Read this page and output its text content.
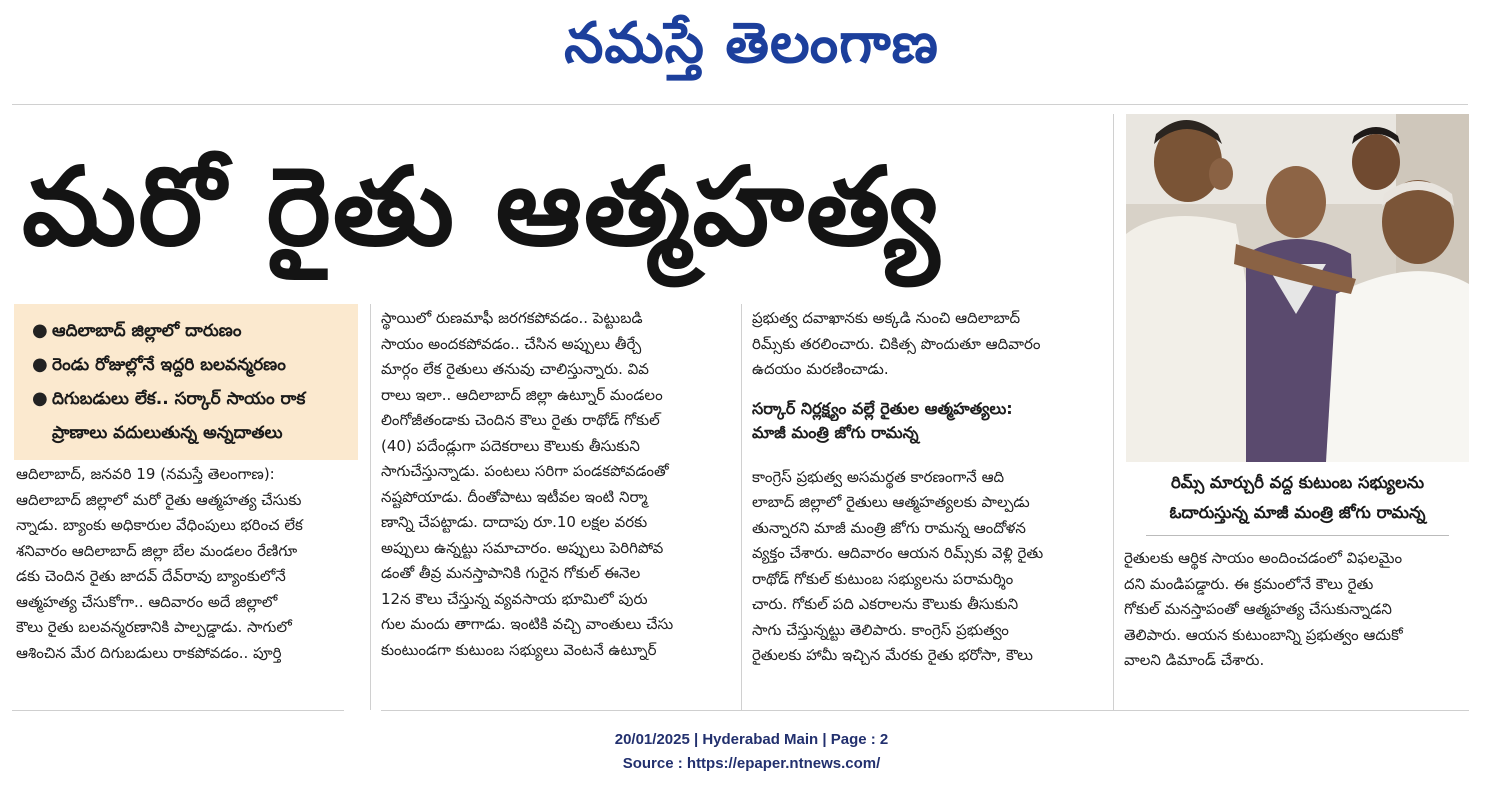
నమస్తే తెలంగాణ
మరో రైతు ఆత్మహత్య
● ఆదిలాబాద్ జిల్లాలో దారుణం
● రెండు రోజుల్లోనే ఇద్దరి బలవన్మరణం
● దిగుబడులు లేక.. సర్కార్ సాయం రాక
ప్రాణాలు వదులుతున్న అన్నదాతలు

ఆదిలాబాద్, జనవరి 19 (నమస్తే తెలంగాణ):

ఆదిలాబాద్ జిల్లాలో మరో రైతు ఆత్మహత్య చేసుకు

న్నాడు. బ్యాంకు అధికారుల వేధింపులు భరించ లేక

శనివారం ఆదిలాబాద్ జిల్లా బేల మండలం రేణిగూ

డకు చెందిన రైతు జాదవ్ దేవ్‌రావు బ్యాంకులోనే

ఆత్మహత్య చేసుకోగా.. ఆదివారం అదే జిల్లాలో

కౌలు రైతు బలవన్మరణానికి పాల్పడ్డాడు. సాగులో

ఆశించిన మేర దిగుబడులు రాకపోవడం.. పూర్తి

స్థాయిలో రుణమాఫీ జరగకపోవడం.. పెట్టుబడి

సాయం అందకపోవడం.. చేసిన అప్పులు తీర్చే

మార్గం లేక రైతులు తనువు చాలిస్తున్నారు. వివ

రాలు ఇలా.. ఆదిలాబాద్ జిల్లా ఉట్నూర్ మండలం

లింగోజీతండాకు చెందిన కౌలు రైతు రాథోడ్ గోకుల్

(40) పదేండ్లుగా పదెకరాలు కౌలుకు తీసుకుని

సాగుచేస్తున్నాడు. పంటలు సరిగా పండకపోవడంతో

నష్టపోయాడు. దీంతోపాటు ఇటీవల ఇంటి నిర్మా

ణాన్ని చేపట్టాడు. దాదాపు రూ.10 లక్షల వరకు

అప్పులు ఉన్నట్టు సమాచారం. అప్పులు పెరిగిపోవ

డంతో తీవ్ర మనస్తాపానికి గురైన గోకుల్ ఈనెల

12న కౌలు చేస్తున్న వ్యవసాయ భూమిలో పురు

గుల మందు తాగాడు. ఇంటికి వచ్చి వాంతులు చేసు

కుంటుండగా కుటుంబ సభ్యులు వెంటనే ఉట్నూర్

ప్రభుత్వ దవాఖానకు అక్కడి నుంచి ఆదిలాబాద్

రిమ్స్‌కు తరలించారు. చికిత్స పొందుతూ ఆదివారం

ఉదయం మరణించాడు.

సర్కార్ నిర్లక్ష్యం వల్లే రైతుల ఆత్మహత్యలు:

మాజీ మంత్రి జోగు రామన్న

కాంగ్రెస్ ప్రభుత్వ అసమర్థత కారణంగానే ఆది

లాబాద్ జిల్లాలో రైతులు ఆత్మహత్యలకు పాల్పడు

తున్నారని మాజీ మంత్రి జోగు రామన్న ఆందోళన

వ్యక్తం చేశారు. ఆదివారం ఆయన రిమ్స్‌కు వెళ్లి రైతు

రాథోడ్ గోకుల్ కుటుంబ సభ్యులను పరామర్శిం

చారు. గోకుల్ పది ఎకరాలను కౌలుకు తీసుకుని

సాగు చేస్తున్నట్టు తెలిపారు. కాంగ్రెస్ ప్రభుత్వం

రైతులకు హామీ ఇచ్చిన మేరకు రైతు భరోసా, కౌలు

రిమ్స్ మార్చురీ వద్ద కుటుంబ సభ్యులను
ఓదారుస్తున్న మాజీ మంత్రి జోగు రామన్న

రైతులకు ఆర్థిక సాయం అందించడంలో విఫలమైం

దని మండిపడ్డారు. ఈ క్రమంలోనే కౌలు రైతు

గోకుల్ మనస్తాపంతో ఆత్మహత్య చేసుకున్నాడని

తెలిపారు. ఆయన కుటుంబాన్ని ప్రభుత్వం ఆదుకో

వాలని డిమాండ్ చేశారు.

20/01/2025 | Hyderabad Main | Page : 2
Source : https://epaper.ntnews.com/
